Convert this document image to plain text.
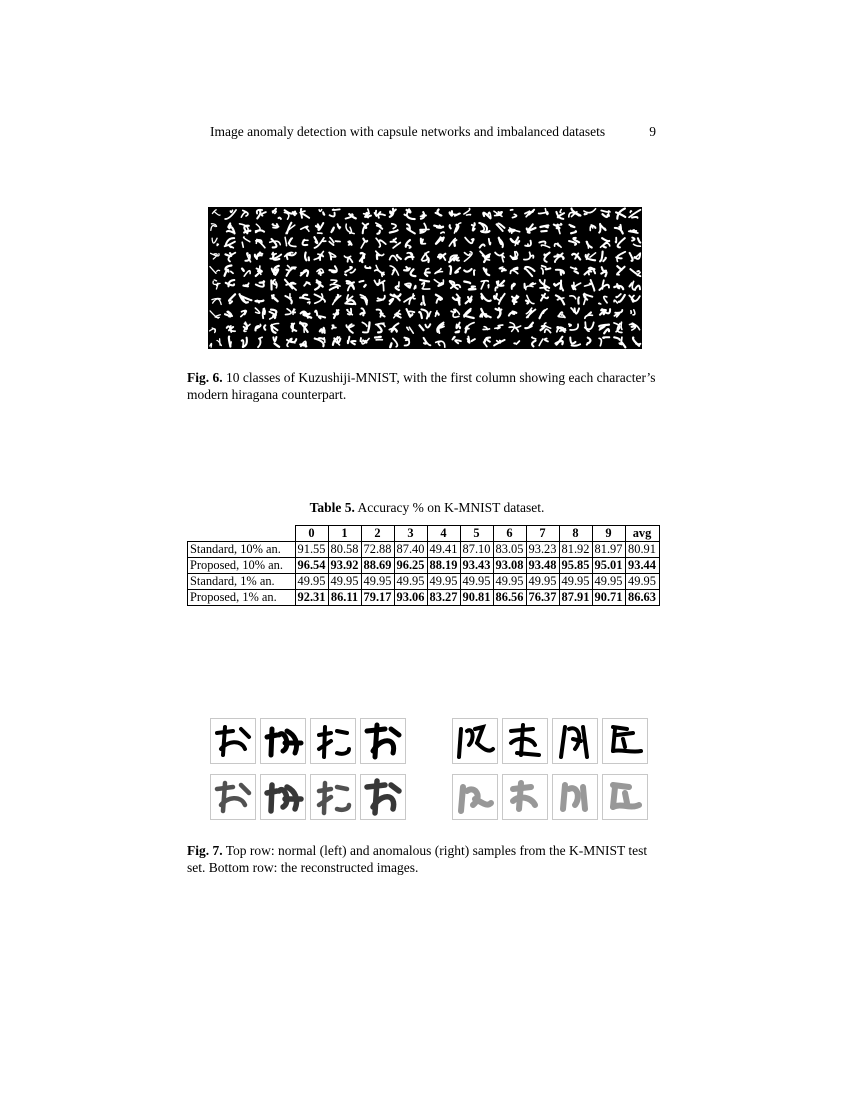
Image anomaly detection with capsule networks and imbalanced datasets	9
Fig. 6. 10 classes of Kuzushiji-MNIST, with the first column showing each character’s modern hiragana counterpart.
Table 5. Accuracy % on K-MNIST dataset.
	0	1	2	3	4	5	6	7	8	9	avg
Standard, 10% an.	91.55	80.58	72.88	87.40	49.41	87.10	83.05	93.23	81.92	81.97	80.91
Proposed, 10% an.	96.54	93.92	88.69	96.25	88.19	93.43	93.08	93.48	95.85	95.01	93.44
Standard, 1% an.	49.95	49.95	49.95	49.95	49.95	49.95	49.95	49.95	49.95	49.95	49.95
Proposed, 1% an.	92.31	86.11	79.17	93.06	83.27	90.81	86.56	76.37	87.91	90.71	86.63
Fig. 7. Top row: normal (left) and anomalous (right) samples from the K-MNIST test set. Bottom row: the reconstructed images.
